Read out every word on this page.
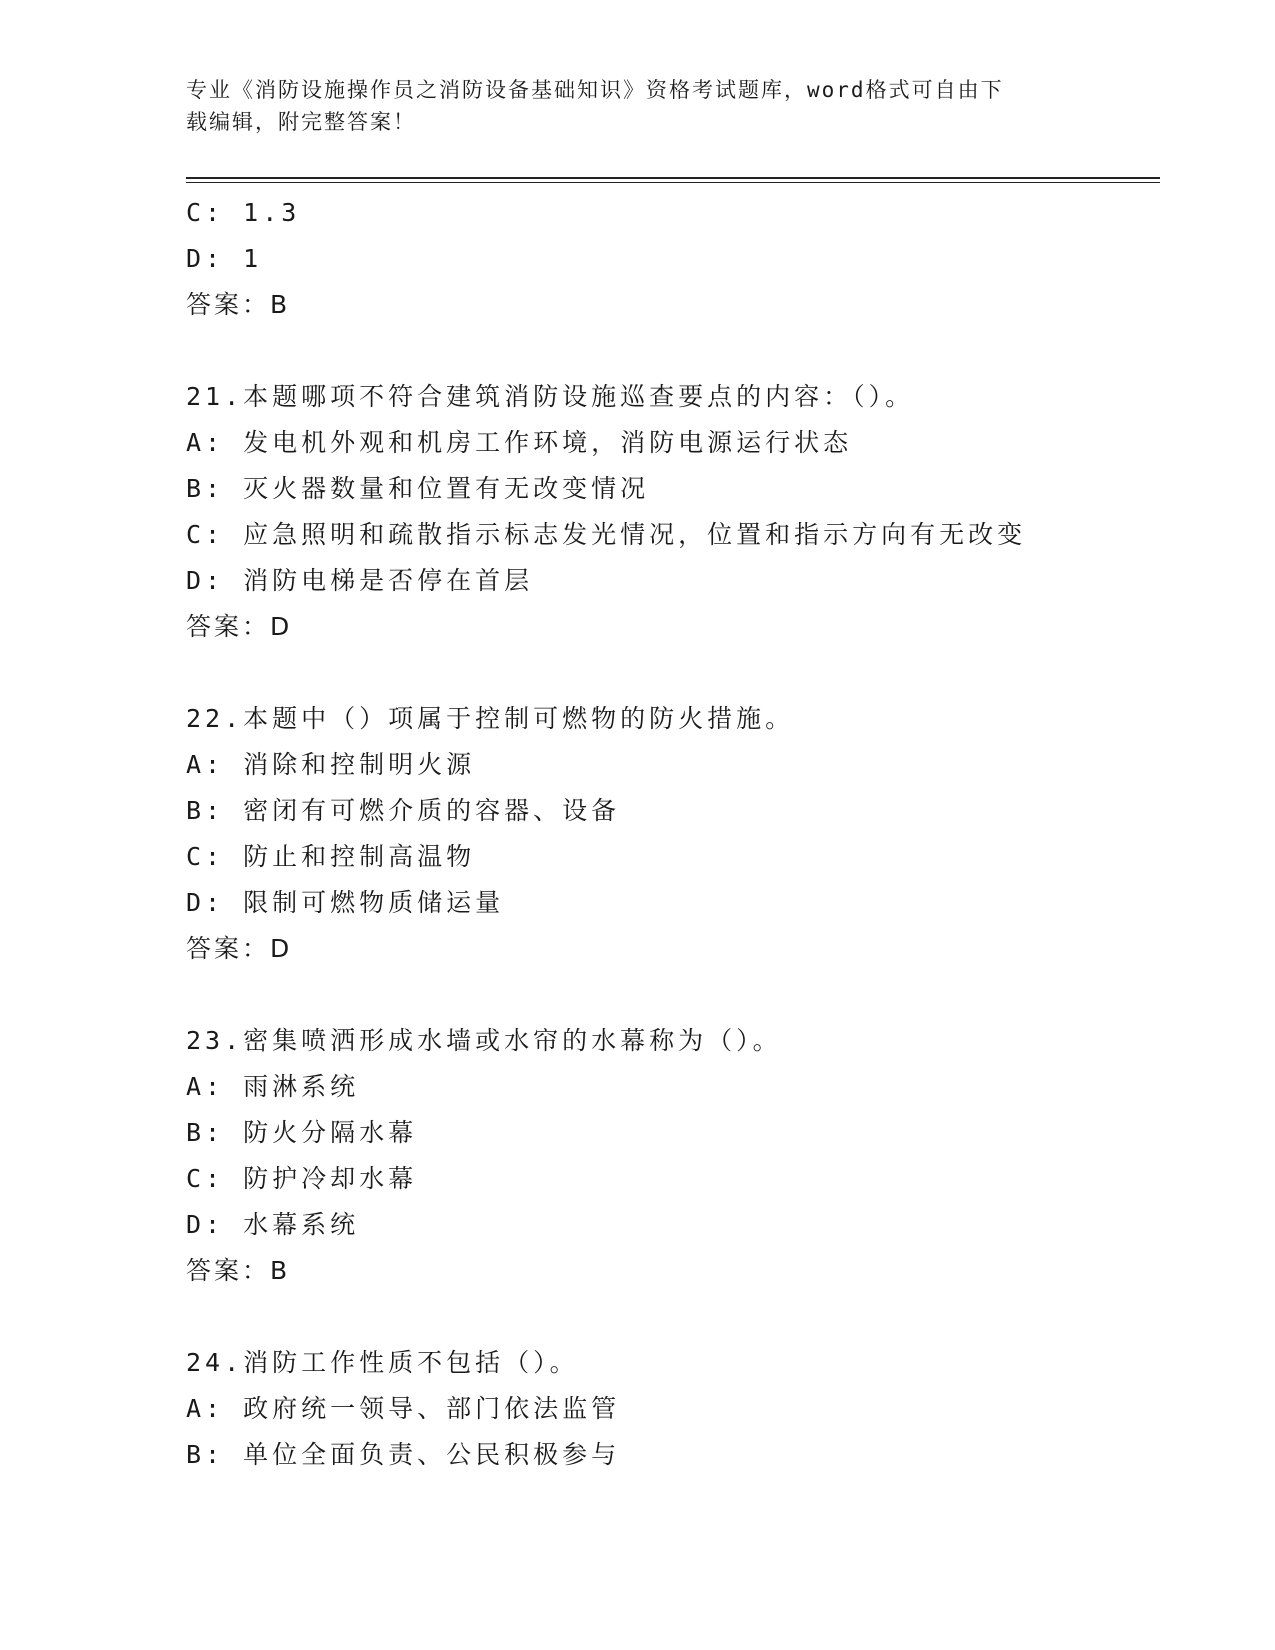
专业《消防设施操作员之消防设备基础知识》资格考试题库，word格式可自由下
载编辑，附完整答案！
C: 1.3
D: 1
答案：B
21.本题哪项不符合建筑消防设施巡查要点的内容：（）。
A: 发电机外观和机房工作环境，消防电源运行状态
B: 灭火器数量和位置有无改变情况
C: 应急照明和疏散指示标志发光情况，位置和指示方向有无改变
D: 消防电梯是否停在首层
答案：D
22.本题中（）项属于控制可燃物的防火措施。
A: 消除和控制明火源
B: 密闭有可燃介质的容器、设备
C: 防止和控制高温物
D: 限制可燃物质储运量
答案：D
23.密集喷洒形成水墙或水帘的水幕称为（）。
A: 雨淋系统
B: 防火分隔水幕
C: 防护冷却水幕
D: 水幕系统
答案：B
24.消防工作性质不包括（）。
A: 政府统一领导、部门依法监管
B: 单位全面负责、公民积极参与
